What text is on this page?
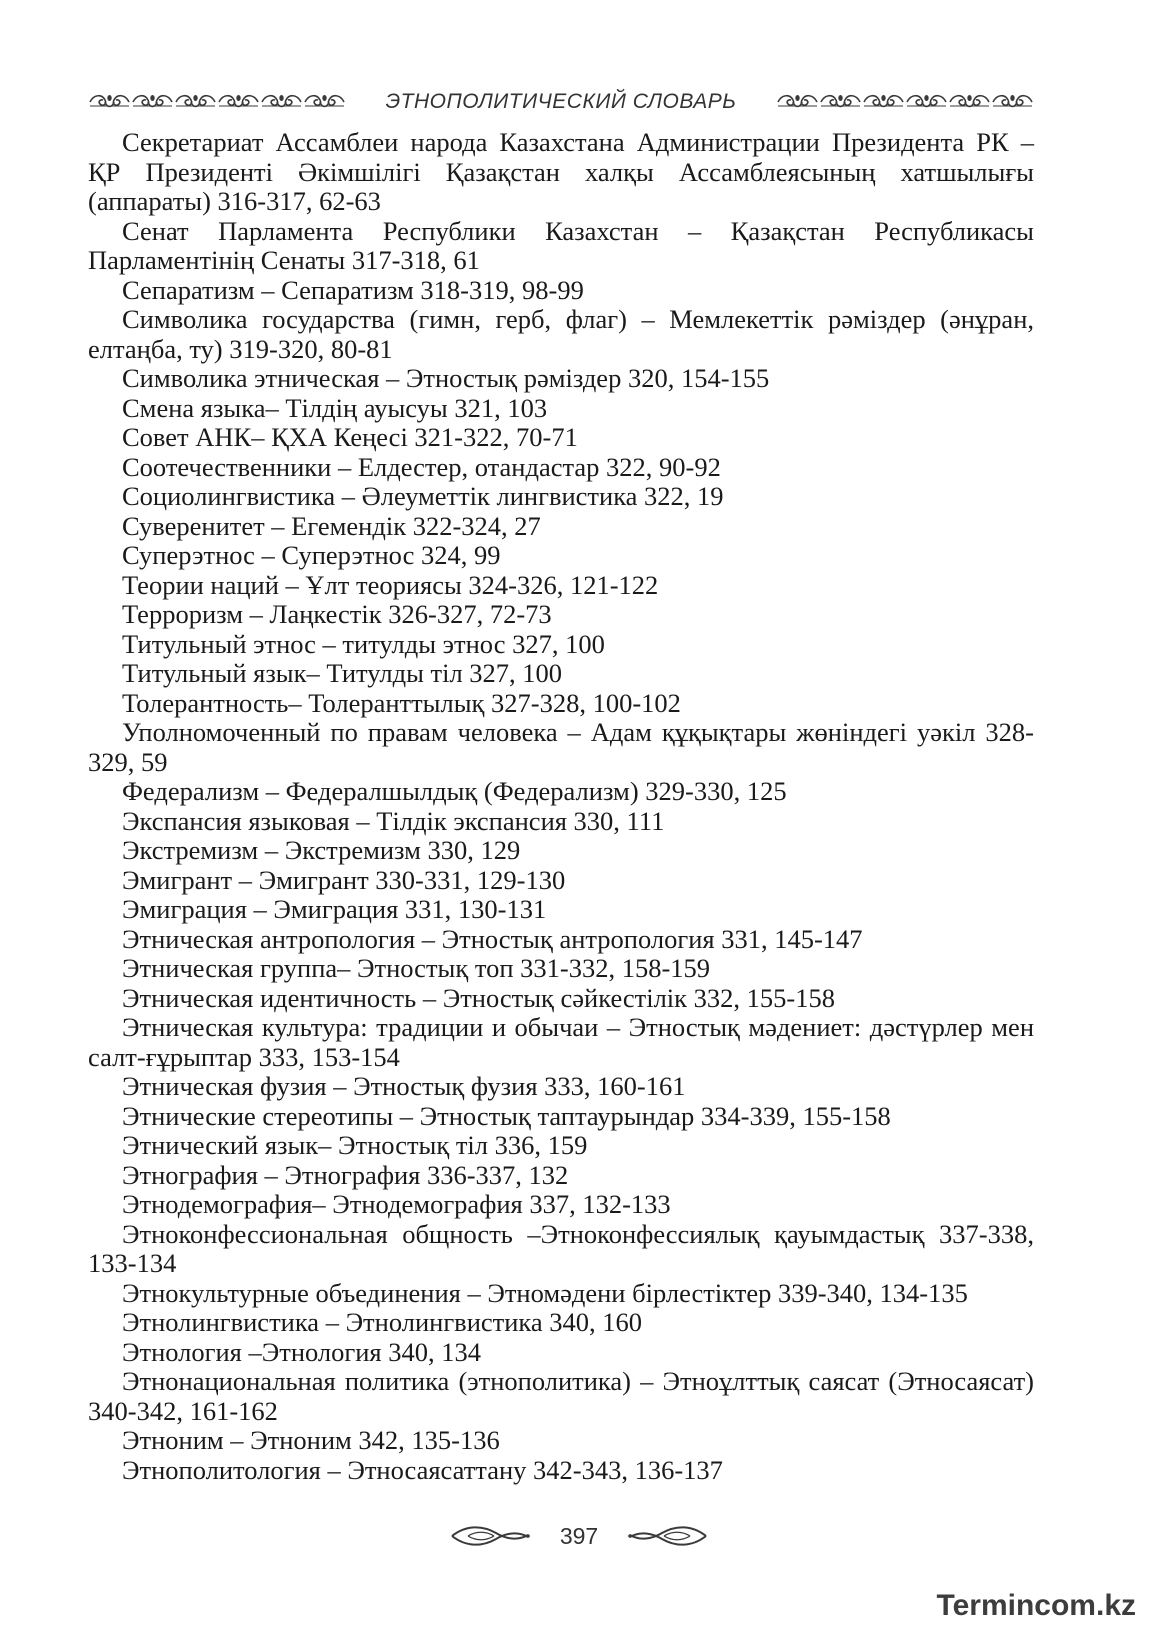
ЭТНОПОЛИТИЧЕСКИЙ СЛОВАРЬ
Секретариат Ассамблеи народа Казахстана Администрации Президента РК – ҚР Президенті Әкімшілігі Қазақстан халқы Ассамблеясының хатшылығы (аппараты) 316-317, 62-63
Сенат Парламента Республики Казахстан – Қазақстан Республикасы Парламентінің Сенаты 317-318, 61
Сепаратизм – Сепаратизм 318-319, 98-99
Символика государства (гимн, герб, флаг) – Мемлекеттік рәміздер (әнұран, елтаңба, ту) 319-320, 80-81
Символика этническая – Этностық рәміздер 320, 154-155
Смена языка– Тілдің ауысуы 321, 103
Совет АНК– ҚХА Кеңесі 321-322, 70-71
Соотечественники – Елдестер, отандастар 322, 90-92
Социолингвистика – Әлеуметтік лингвистика 322, 19
Суверенитет – Егемендік 322-324, 27
Суперэтнос – Суперэтнос 324, 99
Теории наций – Ұлт теориясы 324-326, 121-122
Терроризм – Лаңкестік 326-327, 72-73
Титульный этнос – титулды этнос 327, 100
Титульный язык– Титулды тіл 327, 100
Толерантность– Толеранттылық 327-328, 100-102
Уполномоченный по правам человека – Адам құқықтары жөніндегі уәкіл 328-329, 59
Федерализм – Федералшылдық (Федерализм) 329-330, 125
Экспансия языковая – Тілдік экспансия 330, 111
Экстремизм – Экстремизм 330, 129
Эмигрант – Эмигрант 330-331, 129-130
Эмиграция – Эмиграция 331, 130-131
Этническая антропология – Этностық антропология 331, 145-147
Этническая группа– Этностық топ 331-332, 158-159
Этническая идентичность – Этностық сәйкестілік 332, 155-158
Этническая культура: традиции и обычаи – Этностық мәдениет: дәстүрлер мен салт-ғұрыптар 333, 153-154
Этническая фузия – Этностық фузия 333, 160-161
Этнические стереотипы – Этностық таптаурындар 334-339, 155-158
Этнический язык– Этностық тіл 336, 159
Этнография – Этнография 336-337, 132
Этнодемография– Этнодемография 337, 132-133
Этноконфессиональная общность –Этноконфессиялық қауымдастық 337-338, 133-134
Этнокультурные объединения – Этномәдени бірлестіктер 339-340, 134-135
Этнолингвистика – Этнолингвистика 340, 160
Этнология –Этнология 340, 134
Этнонациональная политика (этнополитика) – Этноұлттық саясат (Этносаясат) 340-342, 161-162
Этноним – Этноним 342, 135-136
Этнополитология – Этносаясаттану 342-343, 136-137
397
Termincom.kz
